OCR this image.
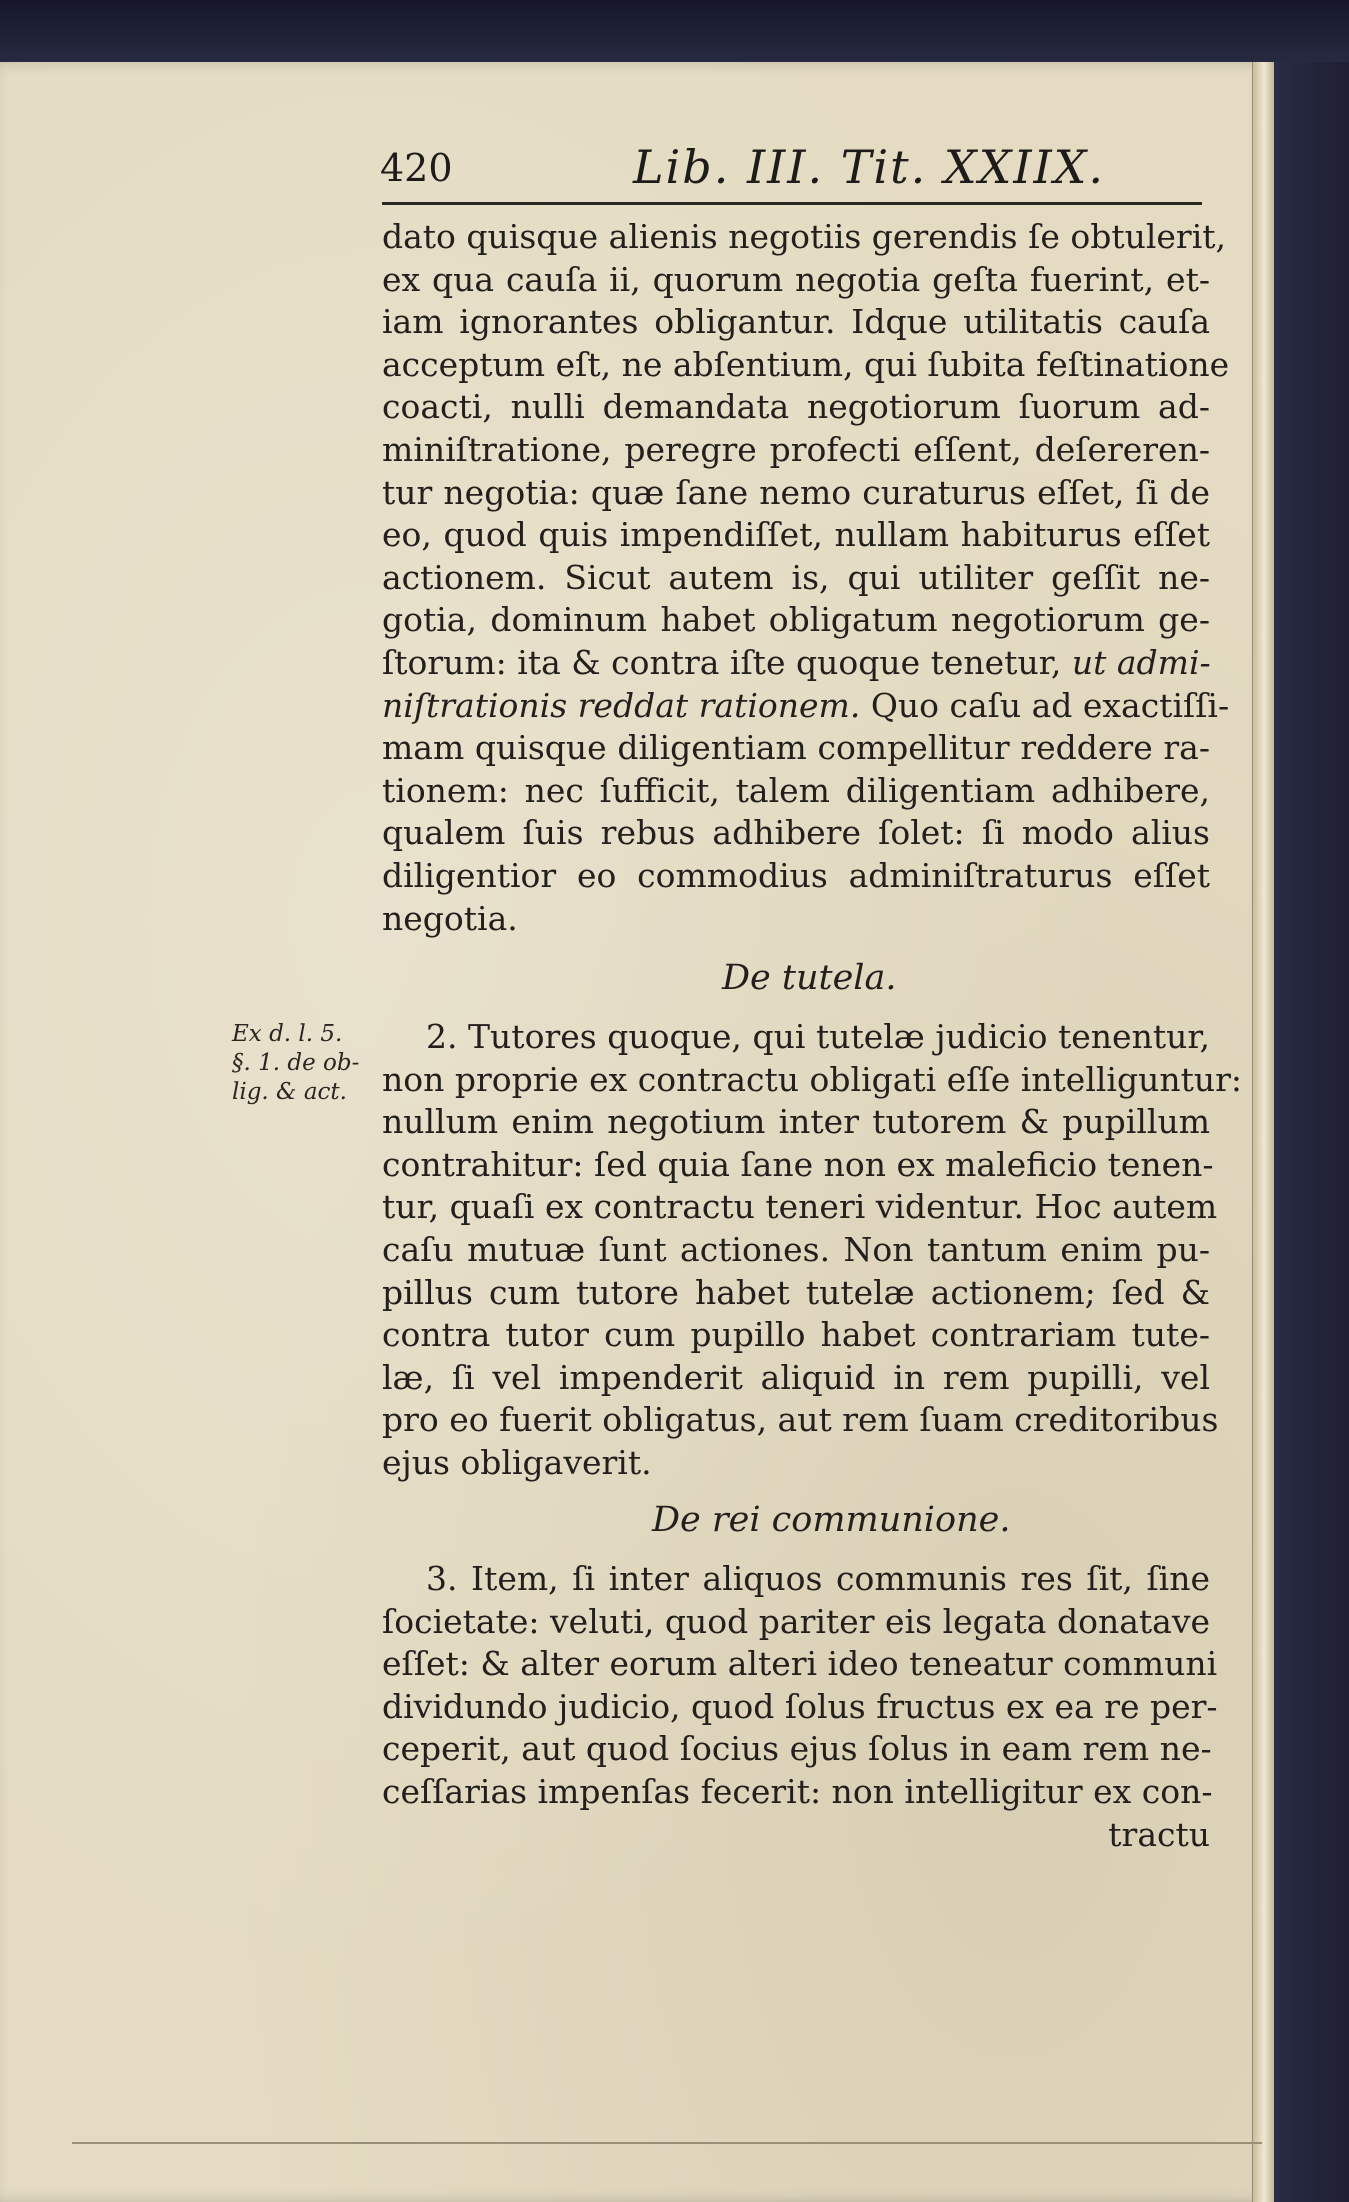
420	Lib. III. Tit. XXIIX.
dato quisque alienis negotiis gerendis ſe obtulerit,
ex qua cauſa ii, quorum negotia geſta fuerint, et-
iam ignorantes obligantur. Idque utilitatis cauſa
acceptum eſt, ne abſentium, qui ſubita feſtinatione
coacti, nulli demandata negotiorum ſuorum ad-
miniſtratione, peregre profecti eſſent, deſereren-
tur negotia: quæ ſane nemo curaturus eſſet, ſi de
eo, quod quis impendiſſet, nullam habiturus eſſet
actionem. Sicut autem is, qui utiliter geſſit ne-
gotia, dominum habet obligatum negotiorum ge-
ſtorum: ita & contra iſte quoque tenetur, ut admi-
niſtrationis reddat rationem. Quo caſu ad exactiſſi-
mam quisque diligentiam compellitur reddere ra-
tionem: nec ſufficit, talem diligentiam adhibere,
qualem ſuis rebus adhibere ſolet: ſi modo alius
diligentior eo commodius adminiſtraturus eſſet
negotia.
De tutela.
Ex d. l. 5.
§. 1. de ob-
lig. & act.
2. Tutores quoque, qui tutelæ judicio tenentur,
non proprie ex contractu obligati eſſe intelliguntur:
nullum enim negotium inter tutorem & pupillum
contrahitur: ſed quia ſane non ex maleficio tenen-
tur, quaſi ex contractu teneri videntur. Hoc autem
caſu mutuæ ſunt actiones. Non tantum enim pu-
pillus cum tutore habet tutelæ actionem; ſed &
contra tutor cum pupillo habet contrariam tute-
læ, ſi vel impenderit aliquid in rem pupilli, vel
pro eo fuerit obligatus, aut rem ſuam creditoribus
ejus obligaverit.
De rei communione.
3. Item, ſi inter aliquos communis res ſit, ſine
ſocietate: veluti, quod pariter eis legata donatave
eſſet: & alter eorum alteri ideo teneatur communi
dividundo judicio, quod ſolus fructus ex ea re per-
ceperit, aut quod ſocius ejus ſolus in eam rem ne-
ceſſarias impenſas fecerit: non intelligitur ex con-
tractu
